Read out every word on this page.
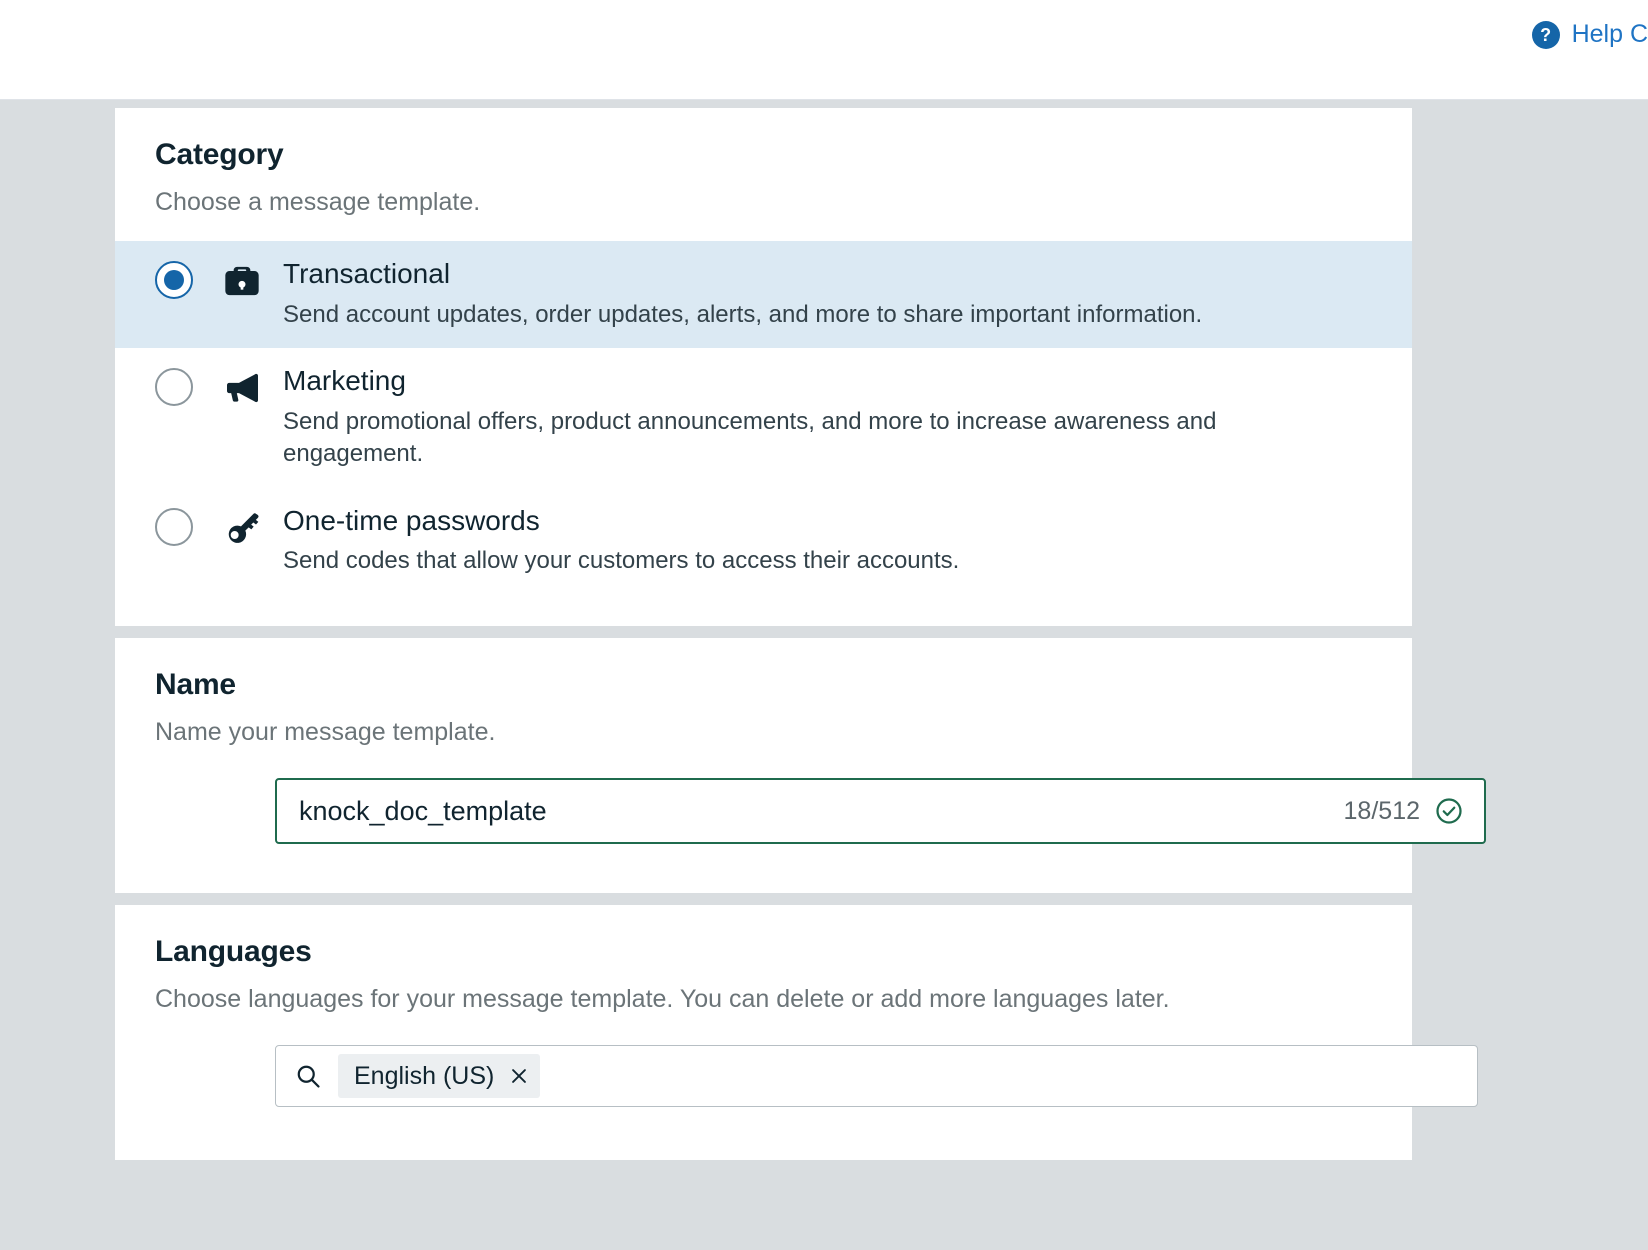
? Help C
Category

Choose a message template.

Transactional
Send account updates, order updates, alerts, and more to share important information.
Marketing
Send promotional offers, product announcements, and more to increase awareness and engagement.
One-time passwords
Send codes that allow your customers to access their accounts.
Name

Name your message template.

knock_doc_template
18/512
Languages

Choose languages for your message template. You can delete or add more languages later.

English (US)
